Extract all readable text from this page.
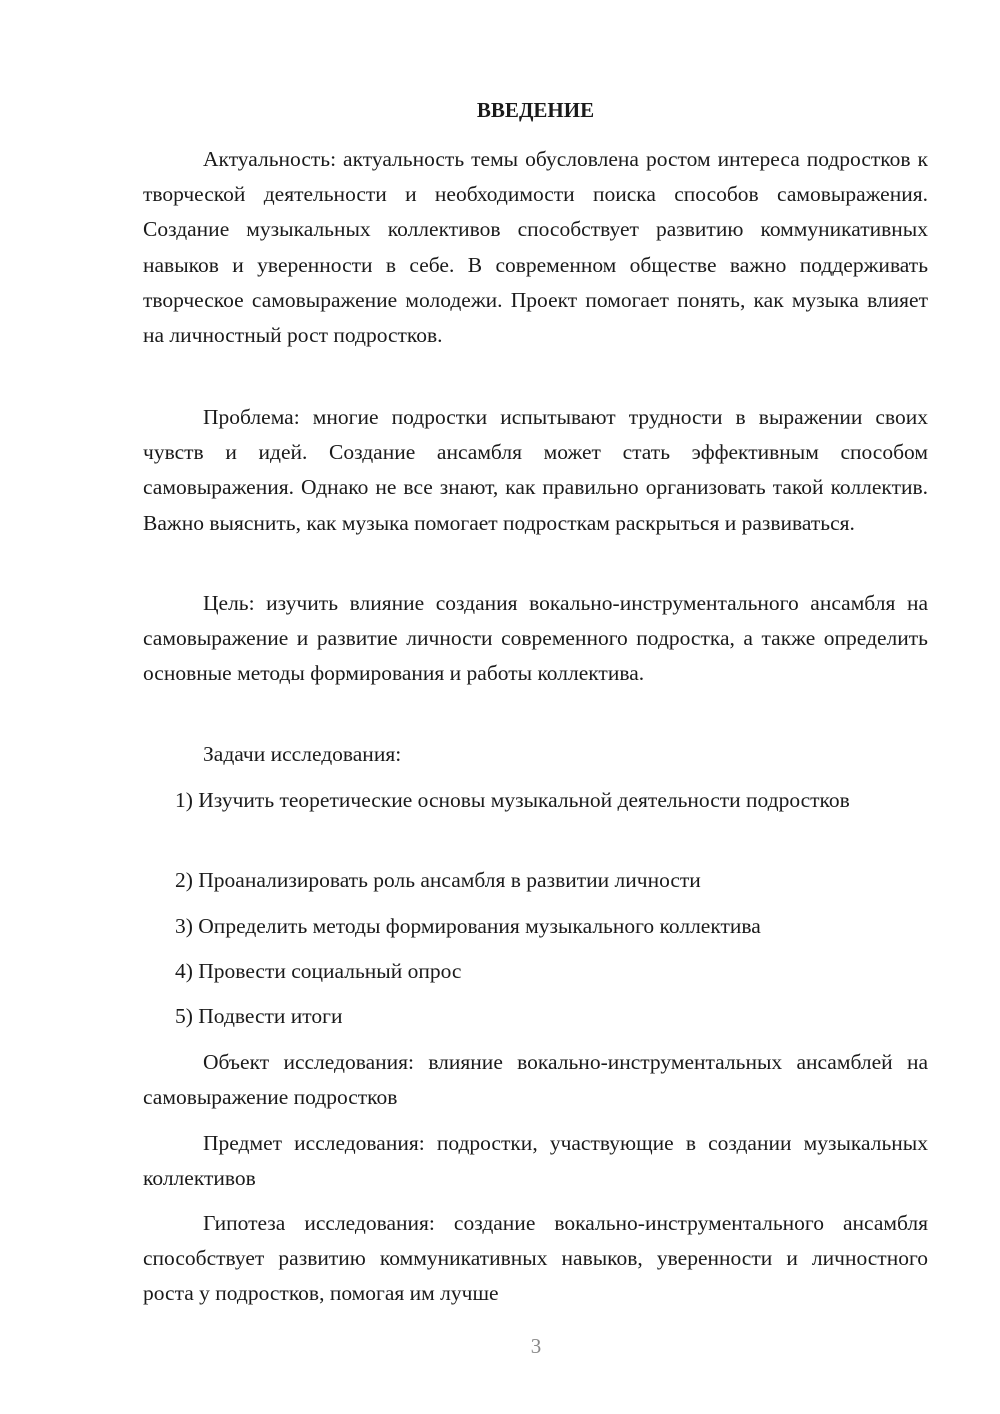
ВВЕДЕНИЕ

Актуальность: актуальность темы обусловлена ростом интереса подростков к творческой деятельности и необходимости поиска способов самовыражения. Создание музыкальных коллективов способствует развитию коммуникативных навыков и уверенности в себе. В современном обществе важно поддерживать творческое самовыражение молодежи. Проект помогает понять, как музыка влияет на личностный рост подростков.

Проблема: многие подростки испытывают трудности в выражении своих чувств и идей. Создание ансамбля может стать эффективным способом самовыражения. Однако не все знают, как правильно организовать такой коллектив. Важно выяснить, как музыка помогает подросткам раскрыться и развиваться.

Цель: изучить влияние создания вокально-инструментального ансамбля на самовыражение и развитие личности современного подростка, а также определить основные методы формирования и работы коллектива.

Задачи исследования:

1) Изучить теоретические основы музыкальной деятельности подростков

2) Проанализировать роль ансамбля в развитии личности

3) Определить методы формирования музыкального коллектива

4) Провести социальный опрос

5) Подвести итоги

Объект исследования: влияние вокально-инструментальных ансамблей на самовыражение подростков

Предмет исследования: подростки, участвующие в создании музыкальных коллективов

Гипотеза исследования: создание вокально-инструментального ансамбля способствует развитию коммуникативных навыков, уверенности и личностного роста у подростков, помогая им лучше

3
